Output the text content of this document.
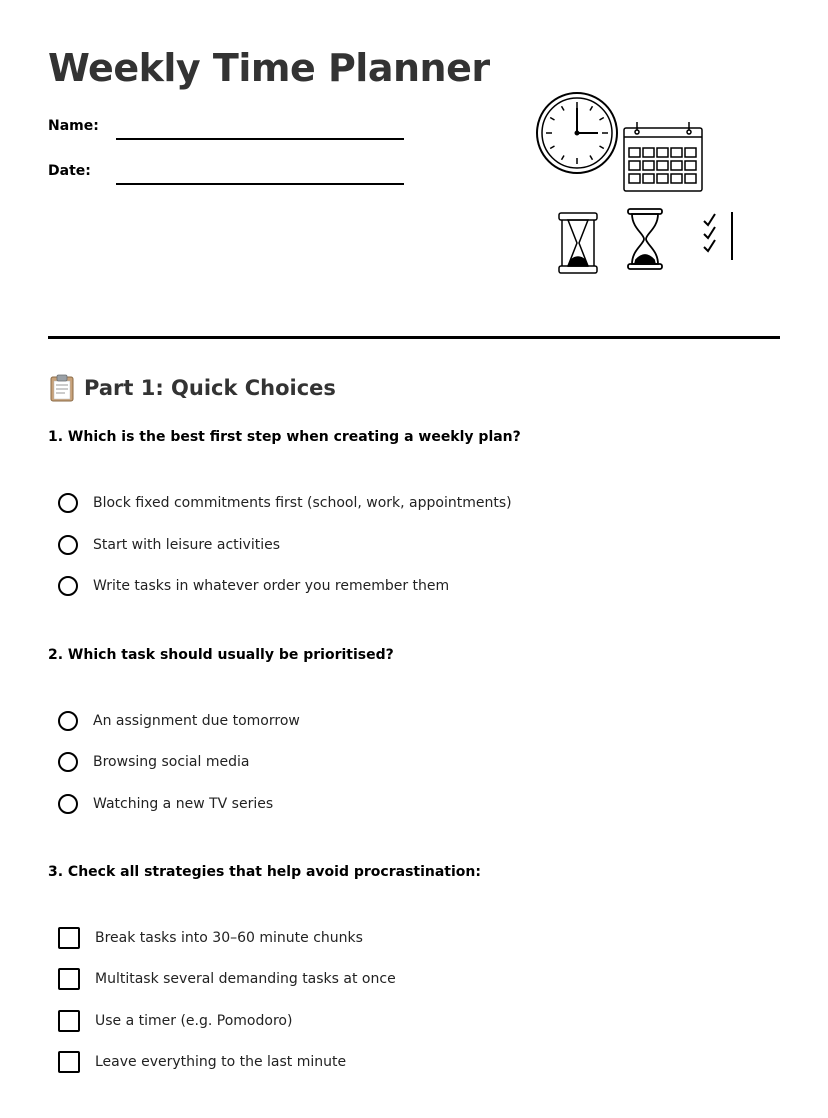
Weekly Time Planner
Name:
Date:
Part 1: Quick Choices
1. Which is the best first step when creating a weekly plan?
Block fixed commitments first (school, work, appointments)
Start with leisure activities
Write tasks in whatever order you remember them
2. Which task should usually be prioritised?
An assignment due tomorrow
Browsing social media
Watching a new TV series
3. Check all strategies that help avoid procrastination:
Break tasks into 30–60 minute chunks
Multitask several demanding tasks at once
Use a timer (e.g. Pomodoro)
Leave everything to the last minute
